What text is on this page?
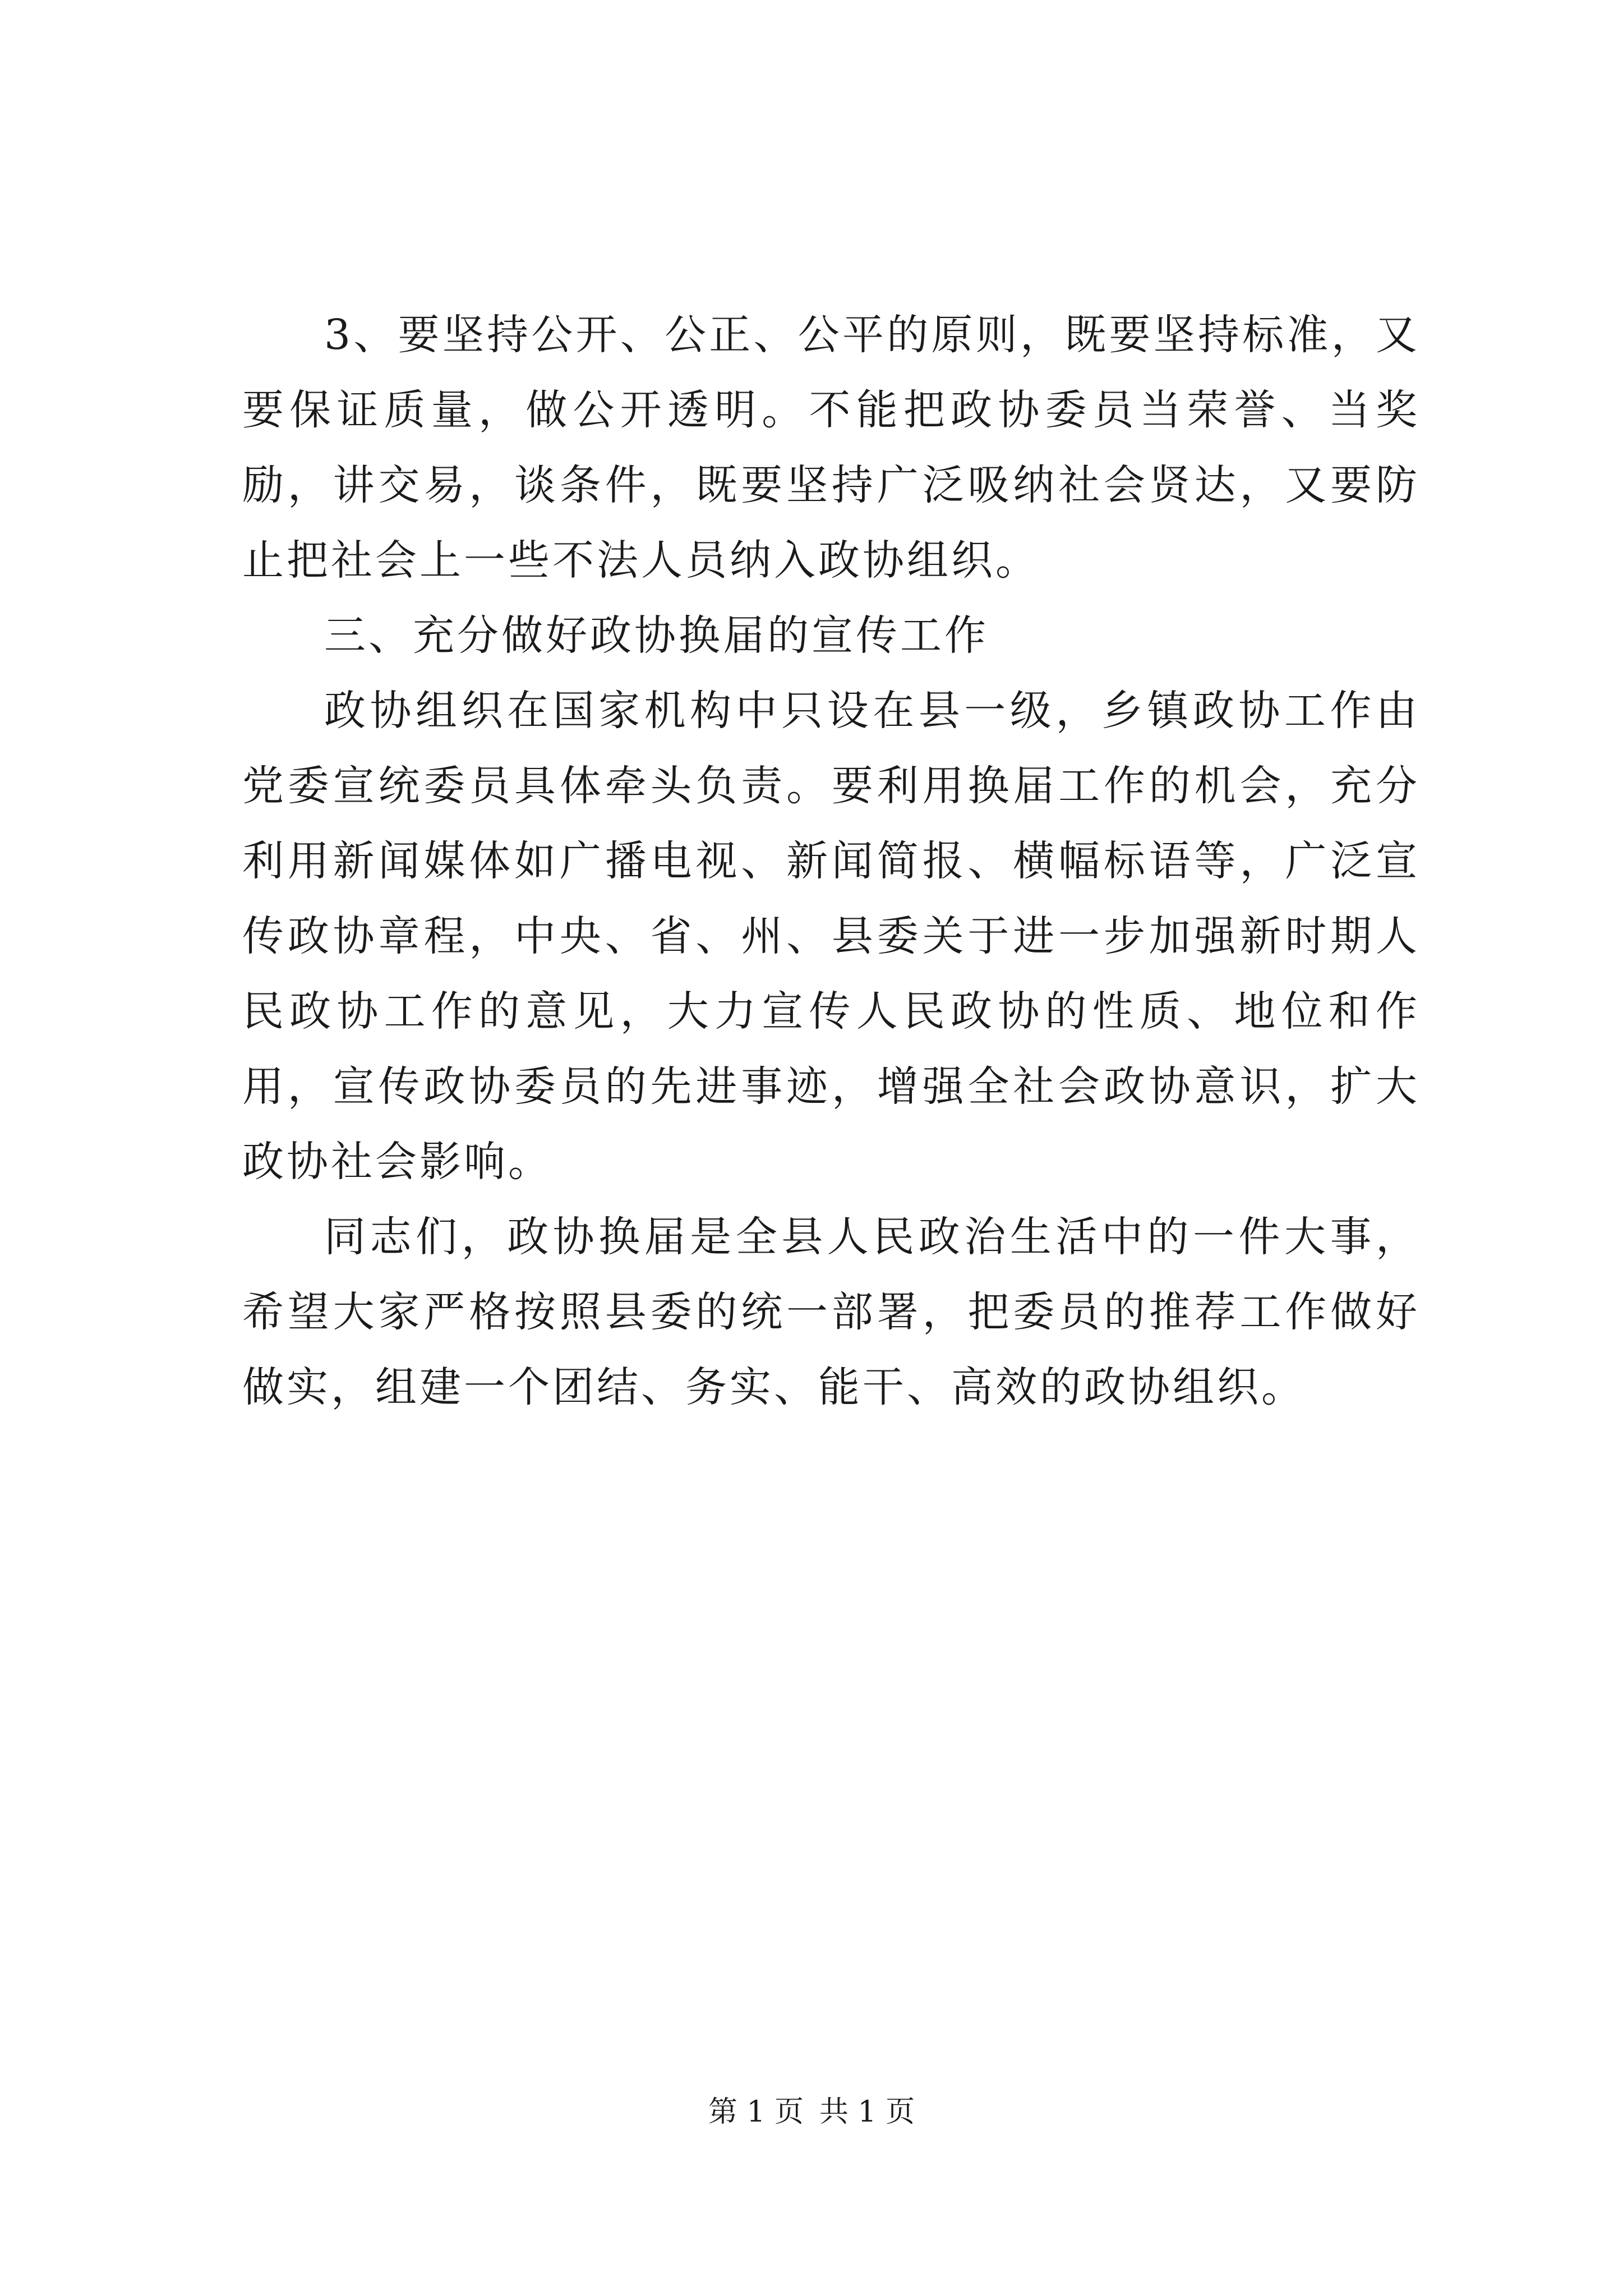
3、要坚持公开、公正、公平的原则，既要坚持标准，又要保证质量，做公开透明。不能把政协委员当荣誉、当奖励，讲交易，谈条件，既要坚持广泛吸纳社会贤达，又要防止把社会上一些不法人员纳入政协组织。

三、充分做好政协换届的宣传工作

政协组织在国家机构中只设在县一级，乡镇政协工作由党委宣统委员具体牵头负责。要利用换届工作的机会，充分利用新闻媒体如广播电视、新闻简报、横幅标语等，广泛宣传政协章程，中央、省、州、县委关于进一步加强新时期人民政协工作的意见，大力宣传人民政协的性质、地位和作用，宣传政协委员的先进事迹，增强全社会政协意识，扩大政协社会影响。

同志们，政协换届是全县人民政治生活中的一件大事，希望大家严格按照县委的统一部署，把委员的推荐工作做好做实，组建一个团结、务实、能干、高效的政协组织。

第 1 页 共 1 页
